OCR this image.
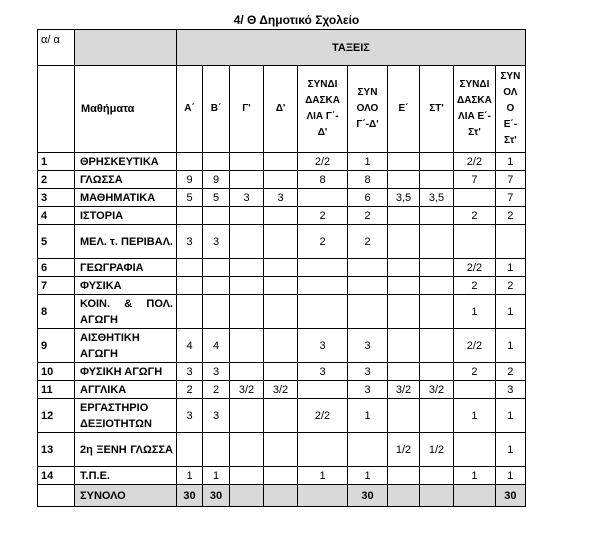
4/ Θ Δημοτικό Σχολείο
α/ α		ΤΑΞΕΙΣ									
	Μαθήματα	Α΄	Β΄	Γ'	Δ'	ΣΥΝΔΙ ΔΑΣΚΑ ΛΙΑ Γ΄- Δ'	ΣΥΝ ΟΛΟ Γ΄-Δ'	Ε΄	ΣΤ'	ΣΥΝΔΙ ΔΑΣΚΑ ΛΙΑ Ε΄-Στ'	ΣΥΝ ΟΛ Ο Ε΄- Στ'
1	ΘΡΗΣΚΕΥΤΙΚΑ					2/2	1			2/2	1
2	ΓΛΩΣΣΑ	9	9			8	8			7	7
3	ΜΑΘΗΜΑΤΙΚΑ	5	5	3	3		6	3,5	3,5		7
4	ΙΣΤΟΡΙΑ					2	2			2	2
5	ΜΕΛ. τ. ΠΕΡΙΒΑΛ.	3	3			2	2				
6	ΓΕΩΓΡΑΦΙΑ									2/2	1
7	ΦΥΣΙΚΑ									2	2
8	ΚΟΙΝ. & ΠΟΛ. ΑΓΩΓΗ									1	1
9	ΑΙΣΘΗΤΙΚΗ ΑΓΩΓΗ	4	4			3	3			2/2	1
10	ΦΥΣΙΚΗ ΑΓΩΓΗ	3	3			3	3			2	2
11	ΑΓΓΛΙΚΑ	2	2	3/2	3/2		3	3/2	3/2		3
12	ΕΡΓΑΣΤΗΡΙΟ ΔΕΞΙΟΤΗΤΩΝ	3	3			2/2	1			1	1
13	2η ΞΕΝΗ ΓΛΩΣΣΑ							1/2	1/2		1
14	Τ.Π.Ε.	1	1			1	1			1	1
	ΣΥΝΟΛΟ	30	30				30				30
